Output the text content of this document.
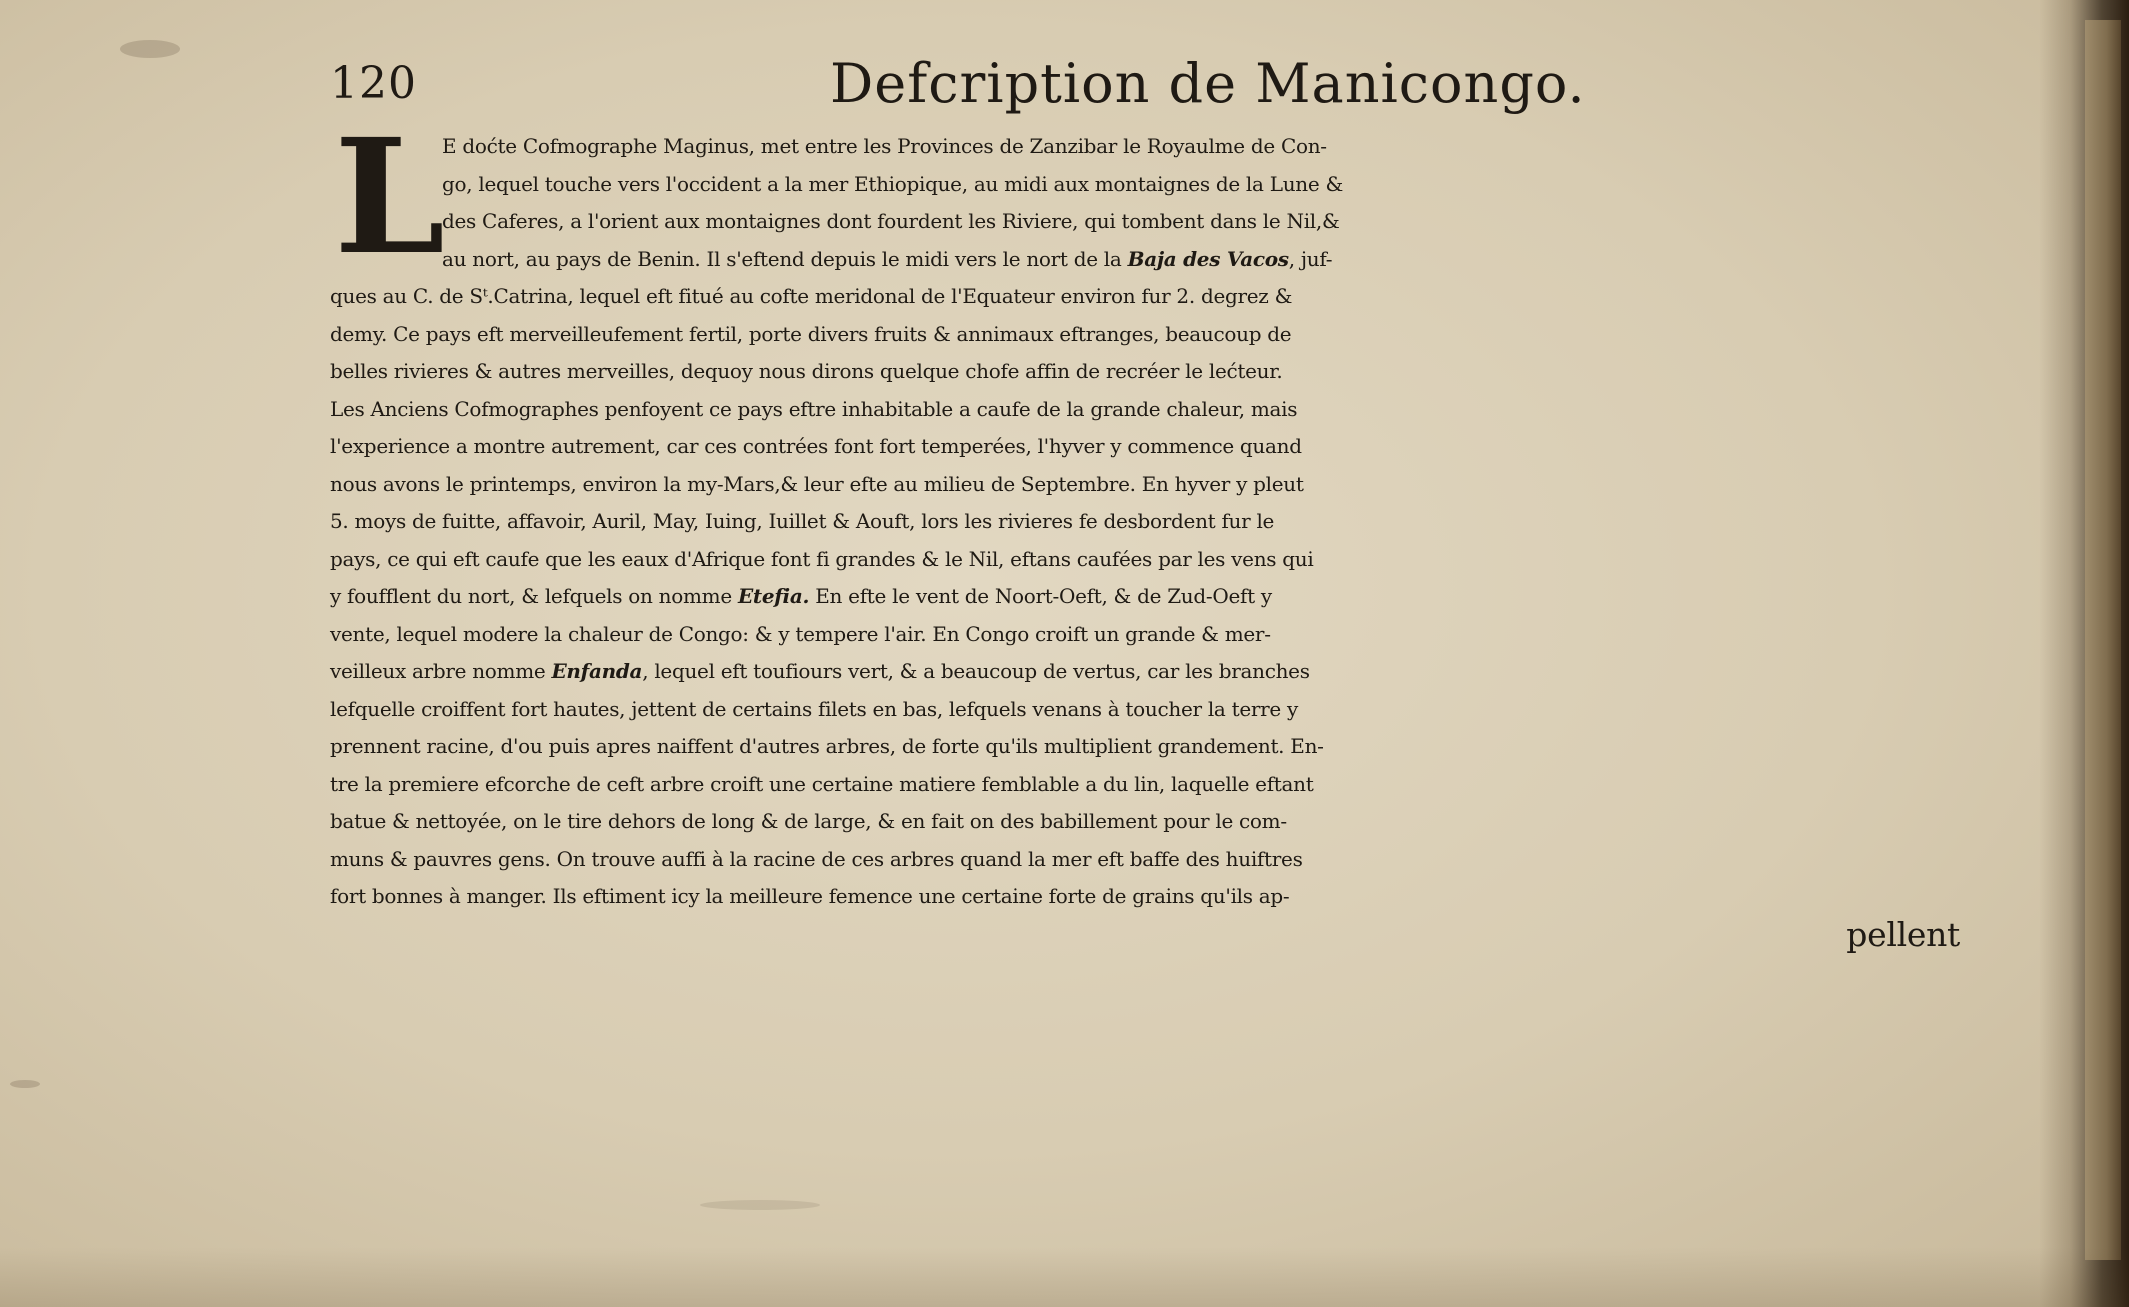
120	Defcription de Manicongo.
L
E doćte Cofmographe Maginus, met entre les Provinces de Zanzibar le Royaulme de Con-
go, lequel touche vers l'occident a la mer Ethiopique, au midi aux montaignes de la Lune &
des Caferes, a l'orient aux montaignes dont fourdent les Riviere, qui tombent dans le Nil,&
au nort, au pays de Benin. Il s'eftend depuis le midi vers le nort de la Baja des Vacos, juf-
ques au C. de Sᵗ.Catrina, lequel eft fitué au cofte meridonal de l'Equateur environ fur 2. degrez &
demy. Ce pays eft merveilleufement fertil, porte divers fruits & annimaux eftranges, beaucoup de
belles rivieres & autres merveilles, dequoy nous dirons quelque chofe affin de recréer le lećteur.
Les Anciens Cofmographes penfoyent ce pays eftre inhabitable a caufe de la grande chaleur, mais
l'experience a montre autrement, car ces contrées font fort temperées, l'hyver y commence quand
nous avons le printemps, environ la my-Mars,& leur efte au milieu de Septembre. En hyver y pleut
5. moys de fuitte, affavoir, Auril, May, Iuing, Iuillet & Aouft, lors les rivieres fe desbordent fur le
pays, ce qui eft caufe que les eaux d'Afrique font fi grandes & le Nil, eftans caufées par les vens qui
y foufflent du nort, & lefquels on nomme Etefia. En efte le vent de Noort-Oeft, & de Zud-Oeft y
vente, lequel modere la chaleur de Congo: & y tempere l'air. En Congo croift un grande & mer-
veilleux arbre nomme Enfanda, lequel eft toufiours vert, & a beaucoup de vertus, car les branches
lefquelle croiffent fort hautes, jettent de certains filets en bas, lefquels venans à toucher la terre y
prennent racine, d'ou puis apres naiffent d'autres arbres, de forte qu'ils multiplient grandement. En-
tre la premiere efcorche de ceft arbre croift une certaine matiere femblable a du lin, laquelle eftant
batue & nettoyée, on le tire dehors de long & de large, & en fait on des babillement pour le com-
muns & pauvres gens. On trouve auffi à la racine de ces arbres quand la mer eft baffe des huiftres
fort bonnes à manger. Ils eftiment icy la meilleure femence une certaine forte de grains qu'ils ap-
pellent
